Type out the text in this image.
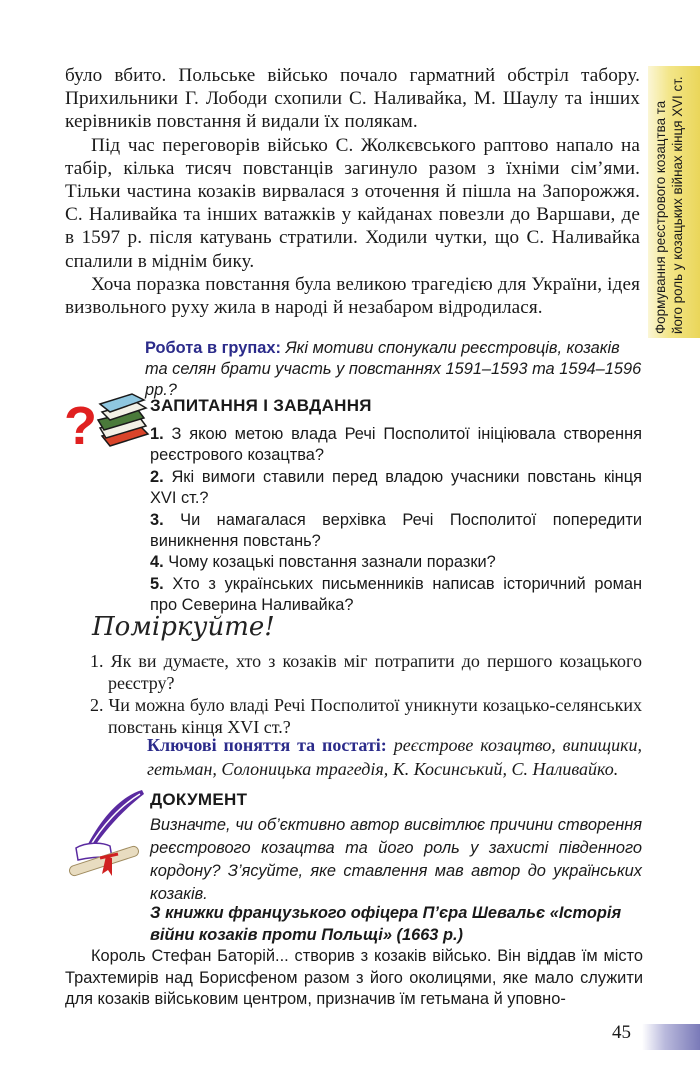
Формування реєстрового козацтва та його роль у козацьких війнах кінця XVI ст.

було вбито. Польське військо почало гарматний обстріл табору. Прихильники Г. Лободи схопили С. Наливайка, М. Шаулу та інших керівників повстання й видали їх полякам.

Під час переговорів військо С. Жолкєвського раптово напало на табір, кілька тисяч повстанців загинуло разом з їхніми сім’ями. Тільки частина козаків вирвалася з оточення й пішла на Запорожжя. С. Наливайка та інших ватажків у кайданах повезли до Варшави, де в 1597 р. після катувань стратили. Ходили чутки, що С. Наливайка спалили в міднім бику.

Хоча поразка повстання була великою трагедією для України, ідея визвольного руху жила в народі й незабаром відродилася.

Робота в групах: Які мотиви спонукали реєстровців, козаків та селян брати участь у повстаннях 1591–1593 та 1594–1596 рр.?
?	ЗАПИТАННЯ І ЗАВДАННЯ
1. З якою метою влада Речі Посполитої ініціювала створення реєстрового козацтва?
2. Які вимоги ставили перед владою учасники повстань кінця XVI ст.?
3. Чи намагалася верхівка Речі Посполитої попередити виникнення повстань?
4. Чому козацькі повстання зазнали поразки?
5. Хто з українських письменників написав історичний роман про Северина Наливайка?
Поміркуйте!
1. Як ви думаєте, хто з козаків міг потрапити до першого козацького реєстру?
2. Чи можна було владі Речі Посполитої уникнути козацько-селянських повстань кінця XVI ст.?
Ключові поняття та постаті: реєстрове козацтво, випищики, гетьман, Солоницька трагедія, К. Косинський, С. Наливайко.
ДОКУМЕНТ
Визначте, чи об’єктивно автор висвітлює причини створення реєстрового козацтва та його роль у захисті південного кордону? З’ясуйте, яке ставлення мав автор до українських козаків.
З книжки французького офіцера П’єра Шевальє «Історія війни козаків проти Польщі» (1663 р.)
Король Стефан Баторій... створив з козаків військо. Він віддав їм місто Трахтемирів над Борисфеном разом з його околицями, яке мало служити для козаків військовим центром, призначив їм гетьмана й уповно-
45
